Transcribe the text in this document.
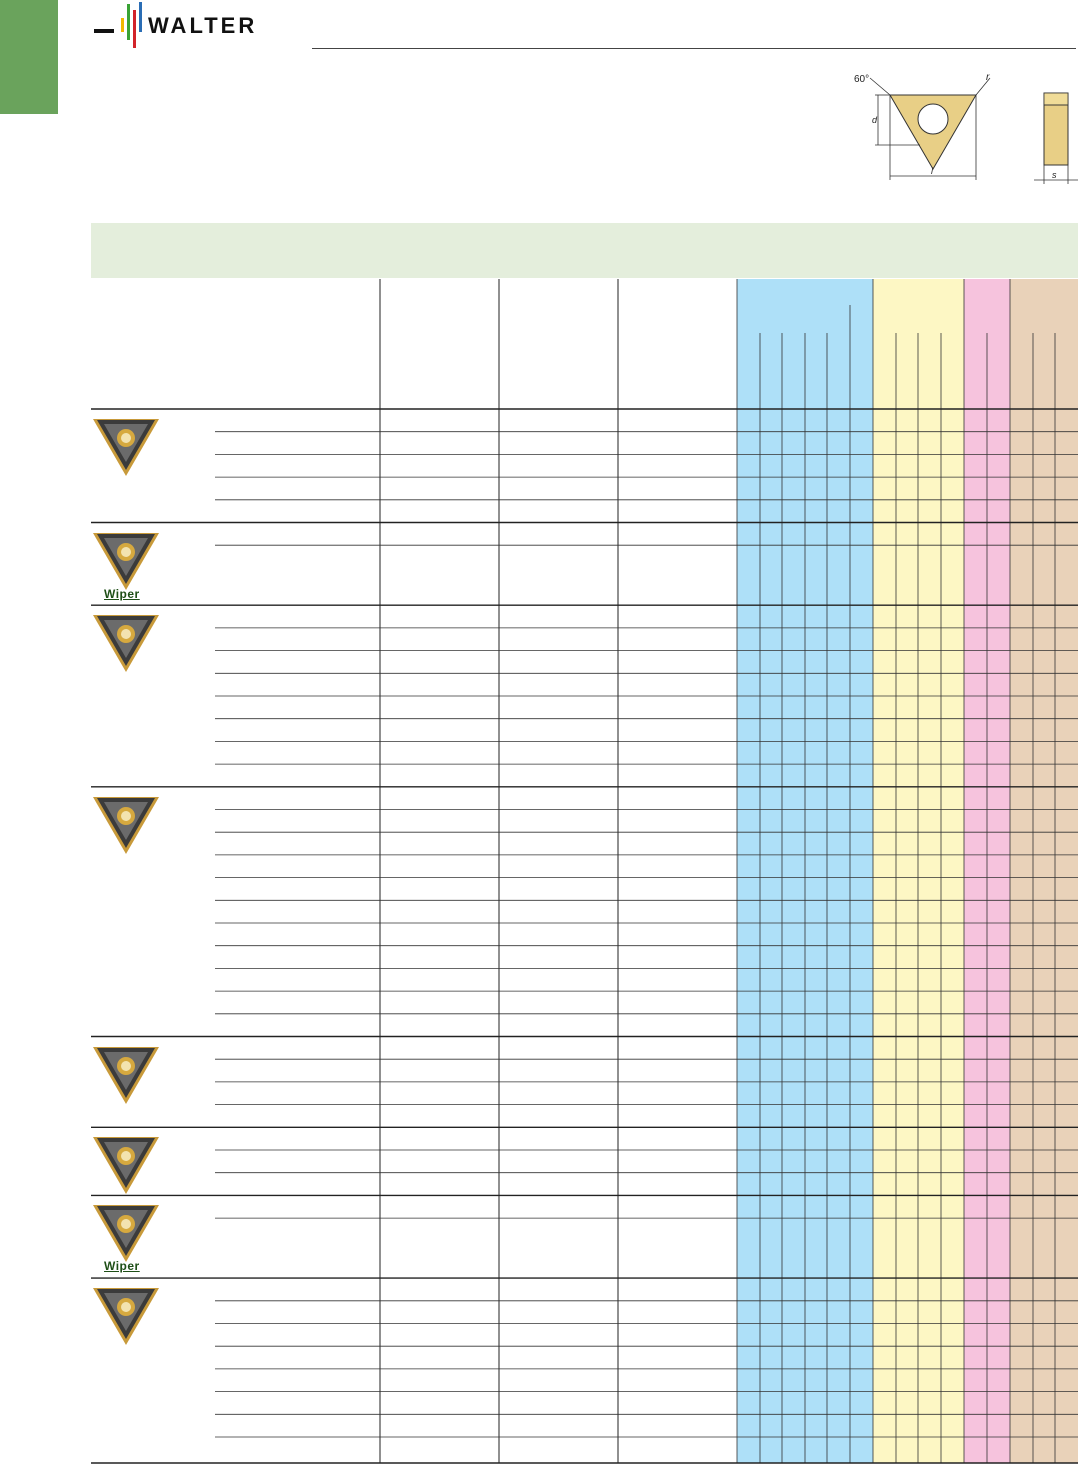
WALTER
60°	r
d
l	s
Wiper
Wiper
